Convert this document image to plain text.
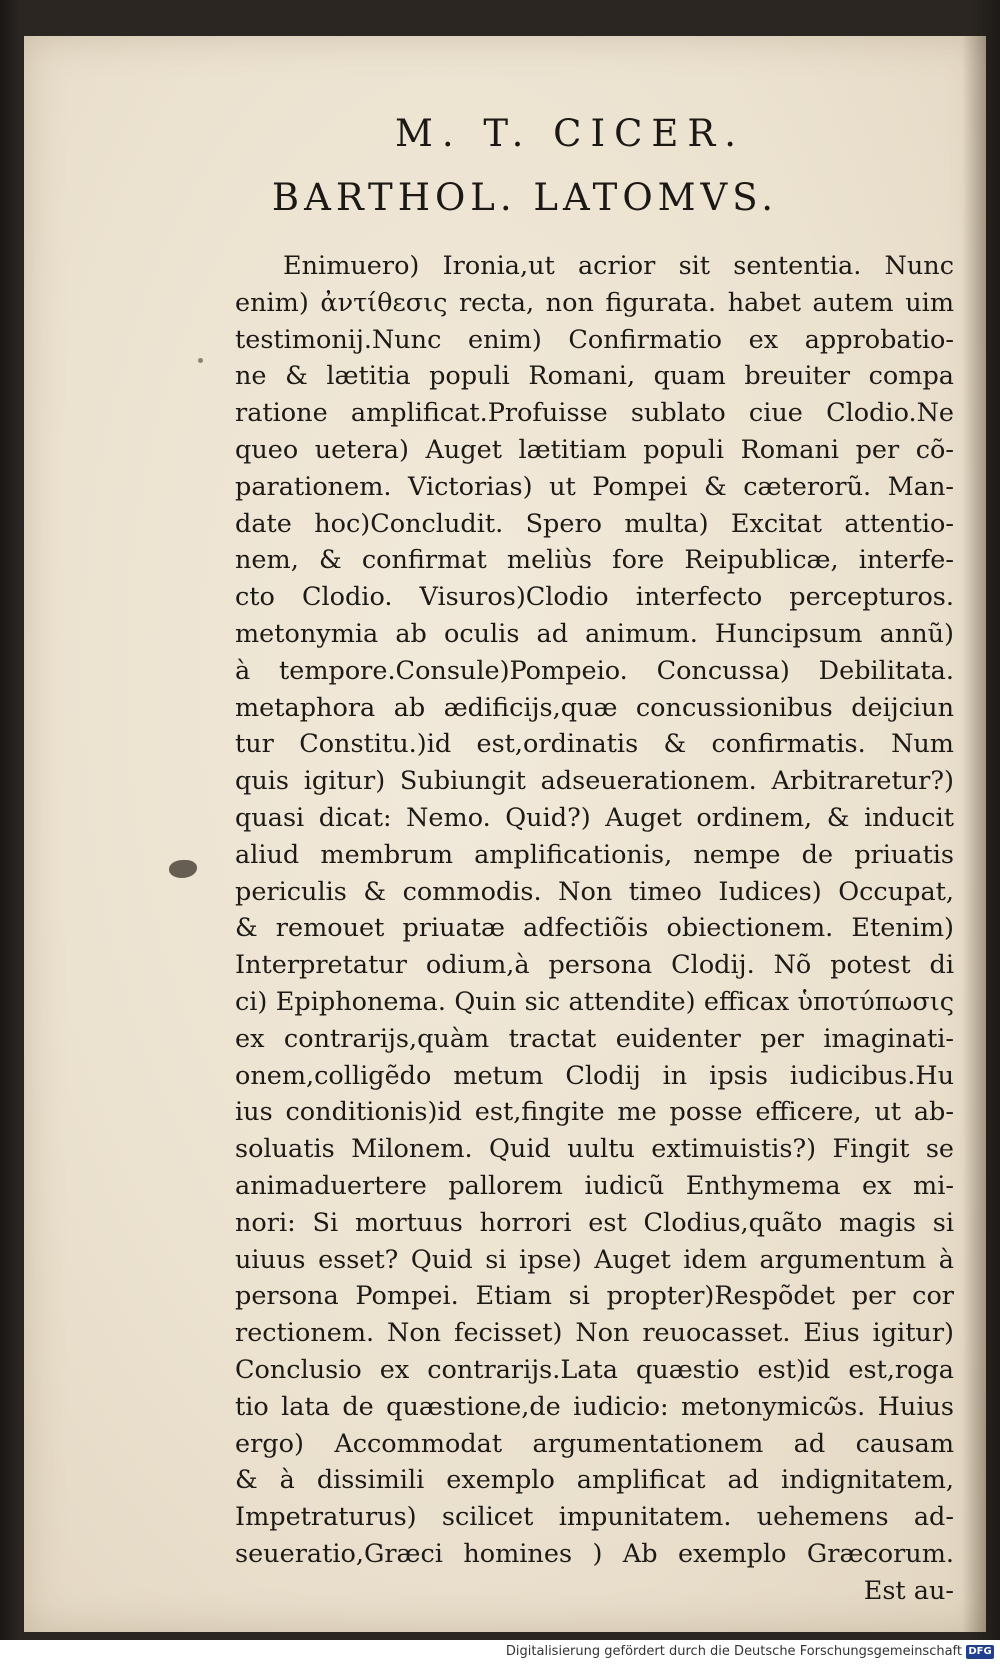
M. T. CICER.
BARTHOL. LATOMVS.
Enimuero) Ironia,ut acrior sit sententia. Nunc
enim) ἀντίθεσις recta, non figurata. habet autem uim
testimonij.Nunc enim) Confirmatio ex approbatio-
ne & lætitia populi Romani, quam breuiter compa
ratione amplificat.Profuisse sublato ciue Clodio.Ne
queo uetera) Auget lætitiam populi Romani per cõ-
parationem. Victorias) ut Pompei & cæterorũ. Man-
date hoc)Concludit. Spero multa) Excitat attentio-
nem, & confirmat meliùs fore Reipublicæ, interfe-
cto Clodio. Visuros)Clodio interfecto percepturos.
metonymia ab oculis ad animum. Huncipsum annũ)
à tempore.Consule)Pompeio. Concussa) Debilitata.
metaphora ab ædificijs,quæ concussionibus deijciun
tur Constitu.)id est,ordinatis & confirmatis. Num
quis igitur) Subiungit adseuerationem. Arbitraretur?)
quasi dicat: Nemo. Quid?) Auget ordinem, & inducit
aliud membrum amplificationis, nempe de priuatis
periculis & commodis. Non timeo Iudices) Occupat,
& remouet priuatæ adfectiõis obiectionem. Etenim)
Interpretatur odium,à persona Clodij. Nõ potest di
ci) Epiphonema. Quin sic attendite) efficax ὑποτύπωσις
ex contrarijs,quàm tractat euidenter per imaginati-
onem,colligẽdo metum Clodij in ipsis iudicibus.Hu
ius conditionis)id est,fingite me posse efficere, ut ab-
soluatis Milonem. Quid uultu extimuistis?) Fingit se
animaduertere pallorem iudicũ Enthymema ex mi-
nori: Si mortuus horrori est Clodius,quãto magis si
uiuus esset? Quid si ipse) Auget idem argumentum à
persona Pompei. Etiam si propter)Respõdet per cor
rectionem. Non fecisset) Non reuocasset. Eius igitur)
Conclusio ex contrarijs.Lata quæstio est)id est,roga
tio lata de quæstione,de iudicio: metonymicῶs. Huius
ergo) Accommodat argumentationem ad causam
& à dissimili exemplo amplificat ad indignitatem,
Impetraturus) scilicet impunitatem. uehemens ad-
seueratio,Græci homines ) Ab exemplo Græcorum.
Est au-
Digitalisierung gefördert durch die Deutsche Forschungsgemeinschaft DFG
